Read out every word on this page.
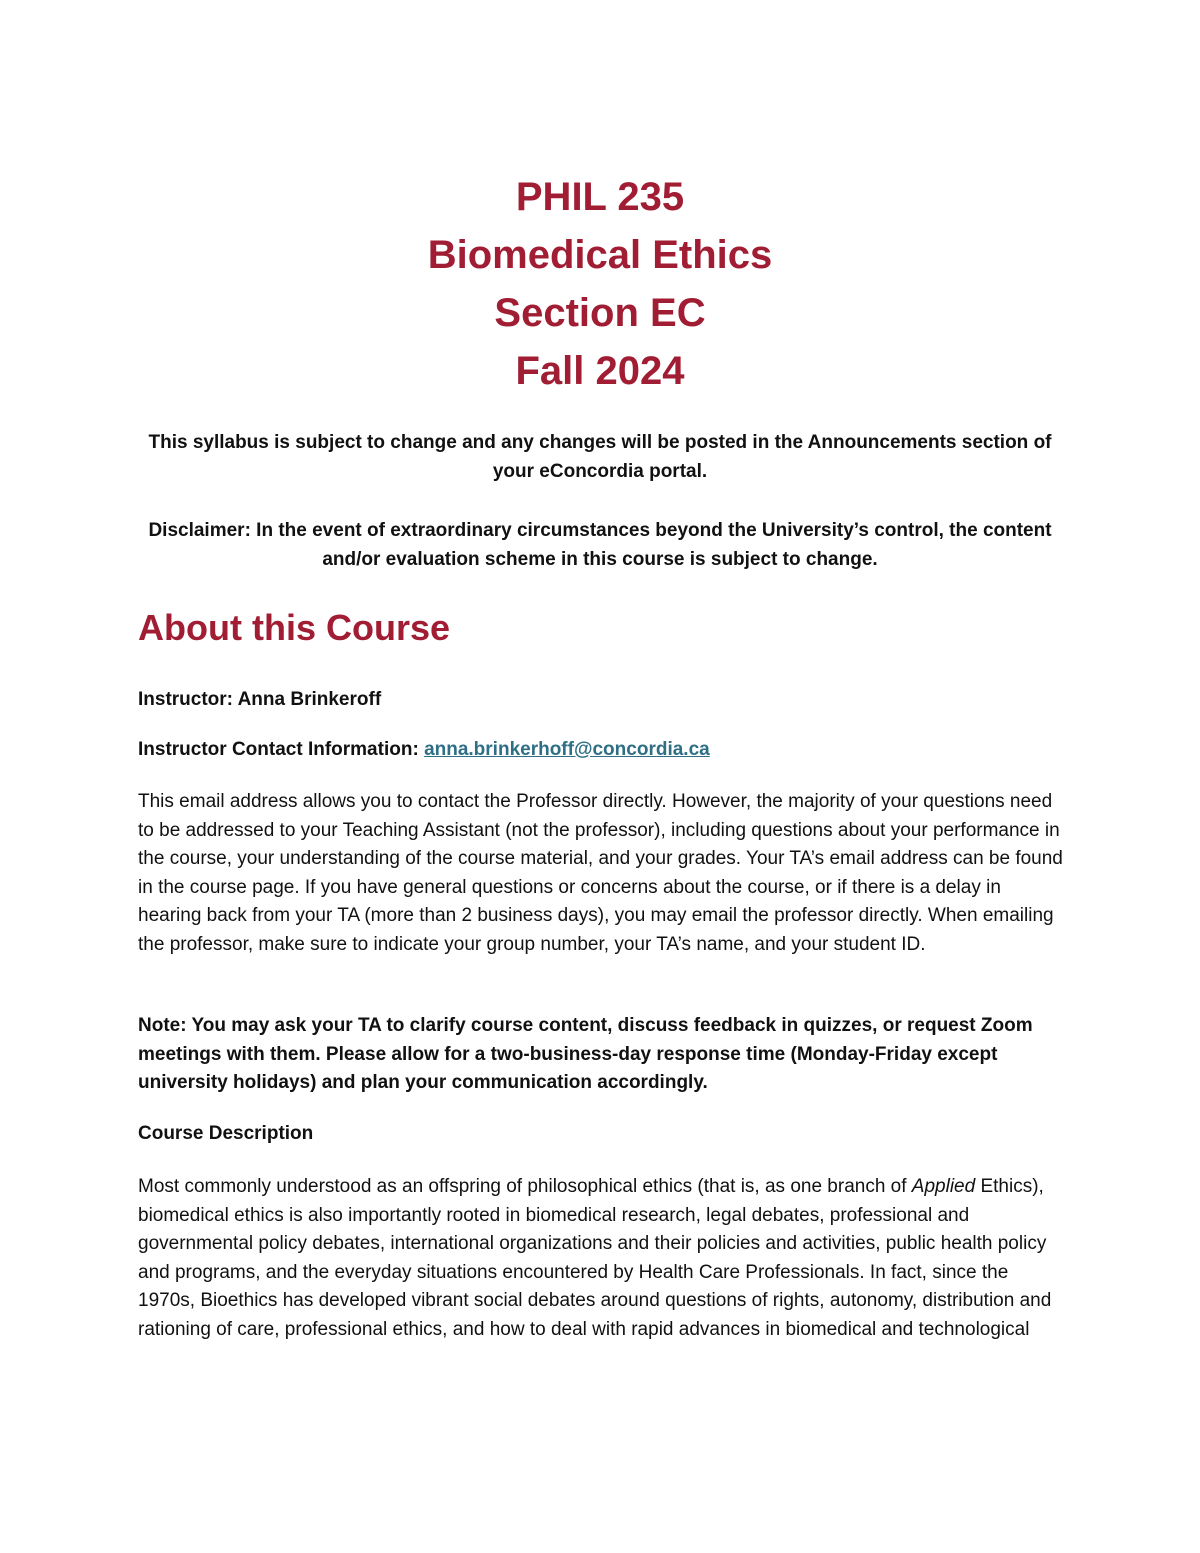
PHIL 235
Biomedical Ethics
Section EC
Fall 2024
This syllabus is subject to change and any changes will be posted in the Announcements section of your eConcordia portal.
Disclaimer: In the event of extraordinary circumstances beyond the University’s control, the content and/or evaluation scheme in this course is subject to change.
About this Course
Instructor: Anna Brinkeroff
Instructor Contact Information: anna.brinkerhoff@concordia.ca
This email address allows you to contact the Professor directly. However, the majority of your questions need to be addressed to your Teaching Assistant (not the professor), including questions about your performance in the course, your understanding of the course material, and your grades. Your TA’s email address can be found in the course page. If you have general questions or concerns about the course, or if there is a delay in hearing back from your TA (more than 2 business days), you may email the professor directly. When emailing the professor, make sure to indicate your group number, your TA’s name, and your student ID.
Note: You may ask your TA to clarify course content, discuss feedback in quizzes, or request Zoom meetings with them. Please allow for a two-business-day response time (Monday-Friday except university holidays) and plan your communication accordingly.
Course Description
Most commonly understood as an offspring of philosophical ethics (that is, as one branch of Applied Ethics), biomedical ethics is also importantly rooted in biomedical research, legal debates, professional and governmental policy debates, international organizations and their policies and activities, public health policy and programs, and the everyday situations encountered by Health Care Professionals. In fact, since the 1970s, Bioethics has developed vibrant social debates around questions of rights, autonomy, distribution and rationing of care, professional ethics, and how to deal with rapid advances in biomedical and technological
